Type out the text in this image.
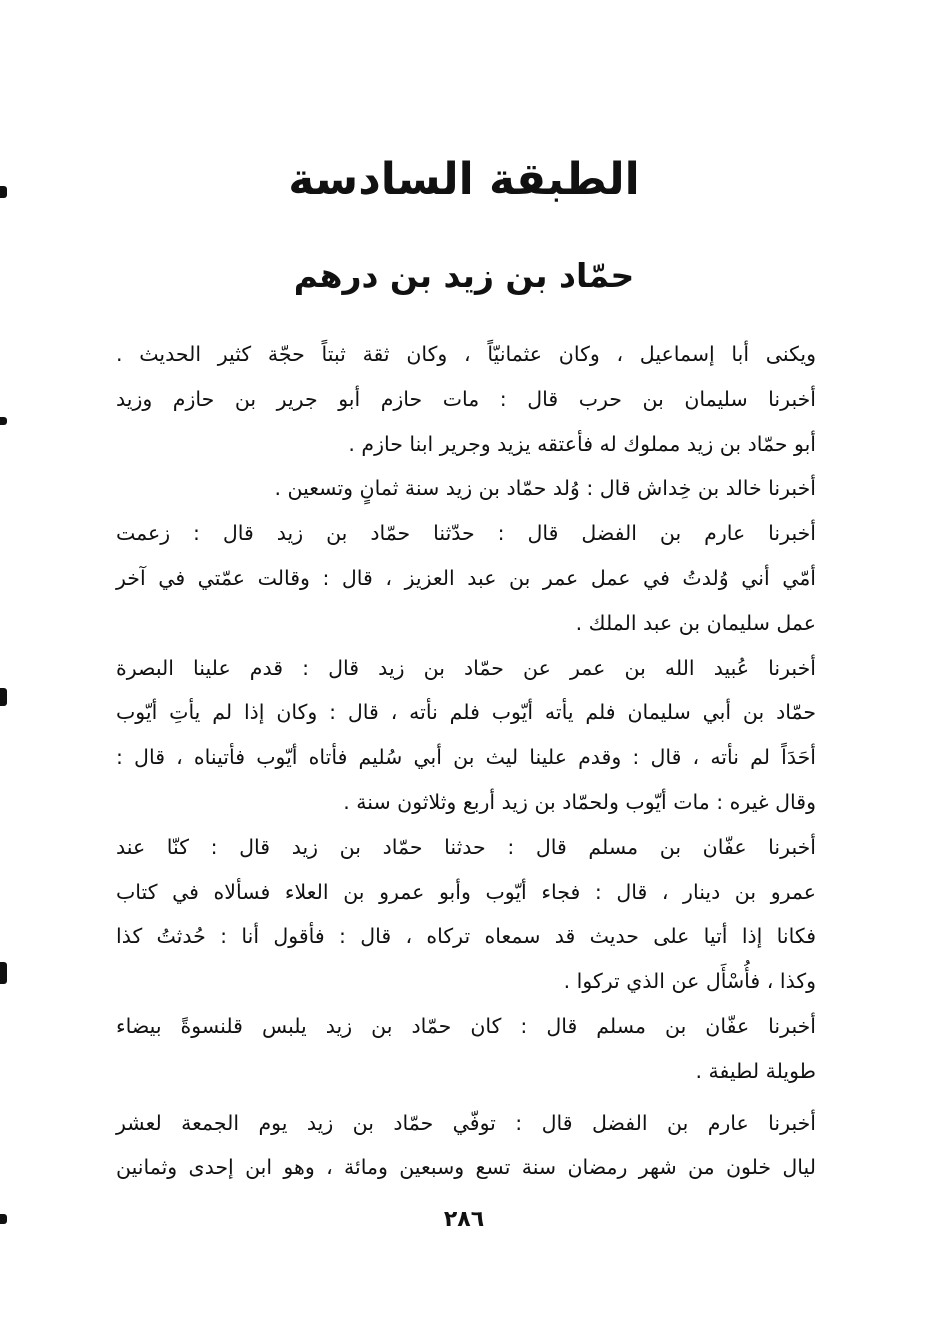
الطبقة السادسة
حمّاد بن زيد بن درهم
ويكنى أبا إسماعيل ، وكان عثمانيّاً ، وكان ثقة ثبتاً حجّة كثير الحديث .
أخبرنا سليمان بن حرب قال : مات حازم أبو جرير بن حازم وزيد
أبو حمّاد بن زيد مملوك له فأعتقه يزيد وجرير ابنا حازم .
أخبرنا خالد بن خِداش قال : وُلد حمّاد بن زيد سنة ثمانٍ وتسعين .
أخبرنا عارم بن الفضل قال : حدّثنا حمّاد بن زيد قال : زعمت
أمّي أني وُلدتُ في عمل عمر بن عبد العزيز ، قال : وقالت عمّتي في آخر
عمل سليمان بن عبد الملك .
أخبرنا عُبيد الله بن عمر عن حمّاد بن زيد قال : قدم علينا البصرة
حمّاد بن أبي سليمان فلم يأته أيّوب فلم نأته ، قال : وكان إذا لم يأتِ أيّوب
أحَدَاً لم نأته ، قال : وقدم علينا ليث بن أبي سُليم فأتاه أيّوب فأتيناه ، قال :
وقال غيره : مات أيّوب ولحمّاد بن زيد أربع وثلاثون سنة .
أخبرنا عفّان بن مسلم قال : حدثنا حمّاد بن زيد قال : كنّا عند
عمرو بن دينار ، قال : فجاء أيّوب وأبو عمرو بن العلاء فسألاه في كتاب
فكانا إذا أتيا على حديث قد سمعاه تركاه ، قال : فأقول أنا : حُدثتُ كذا
وكذا ، فأُسْأَل عن الذي تركوا .
أخبرنا عفّان بن مسلم قال : كان حمّاد بن زيد يلبس قلنسوةً بيضاء
طويلة لطيفة .
أخبرنا عارم بن الفضل قال : توفّي حمّاد بن زيد يوم الجمعة لعشر
ليال خلون من شهر رمضان سنة تسع وسبعين ومائة ، وهو ابن إحدى وثمانين
٢٨٦
